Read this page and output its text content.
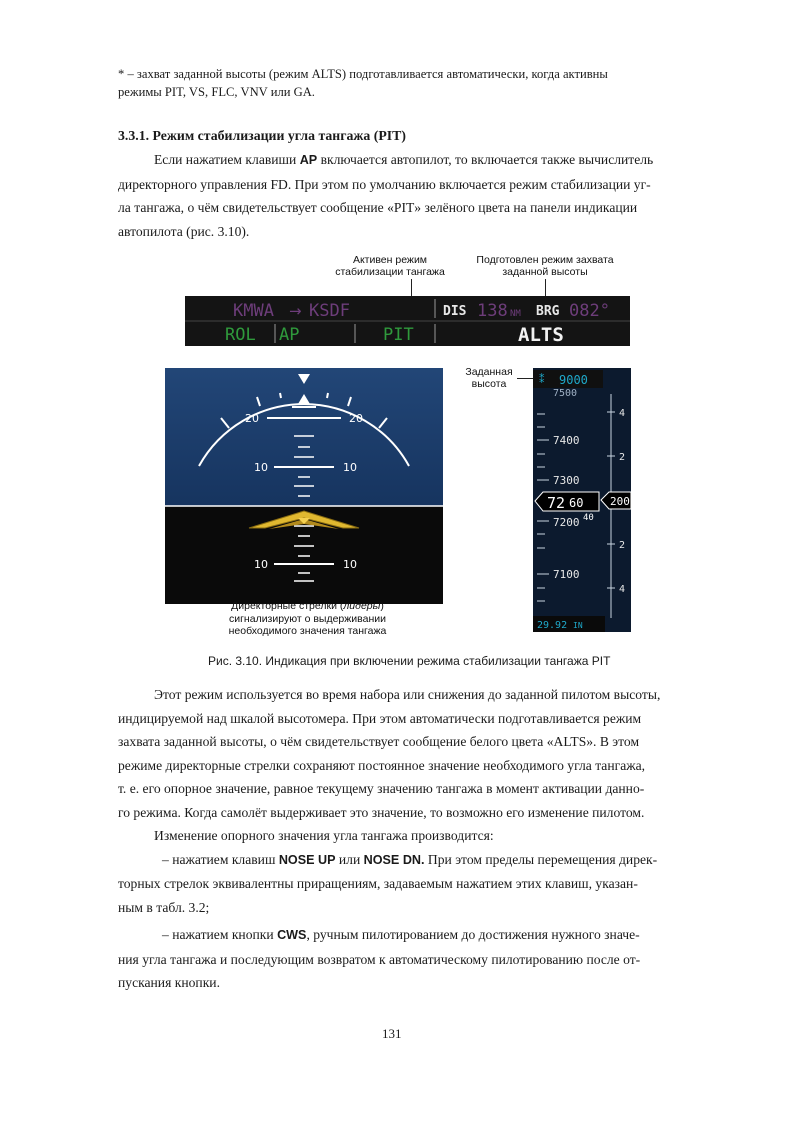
* – захват заданной высоты (режим ALTS) подготавливается автоматически, когда активны
режимы PIT, VS, FLC, VNV или GA.
3.3.1. Режим стабилизации угла тангажа (PIT)
Если нажатием клавиши AP включается автопилот, то включается также вычислитель
директорного управления FD. При этом по умолчанию включается режим стабилизации уг-
ла тангажа, о чём свидетельствует сообщение «PIT» зелёного цвета на панели индикации
автопилота (рис. 3.10).
Активен режим
стабилизации тангажа
Подготовлен режим захвата
заданной высоты
KMWA → KSDF	DIS 138 NM BRG 082°
ROL AP	PIT	ALTS
20	20
10	10
10	10
Директорные стрелки (лидеры)
сигнализируют о выдерживании
необходимого значения тангажа
Заданная
высота	⁑ 9000
7500
7400
7300
7200
7100
72 60
40
4
2
2
4
200
29.92 IN
Рис. 3.10. Индикация при включении режима стабилизации тангажа PIT
Этот режим используется во время набора или снижения до заданной пилотом высоты,
индицируемой над шкалой высотомера. При этом автоматически подготавливается режим
захвата заданной высоты, о чём свидетельствует сообщение белого цвета «ALTS». В этом
режиме директорные стрелки сохраняют постоянное значение необходимого угла тангажа,
т. е. его опорное значение, равное текущему значению тангажа в момент активации данно-
го режима. Когда самолёт выдерживает это значение, то возможно его изменение пилотом.
Изменение опорного значения угла тангажа производится:
– нажатием клавиш NOSE UP или NOSE DN. При этом пределы перемещения дирек-
торных стрелок эквивалентны приращениям, задаваемым нажатием этих клавиш, указан-
ным в табл. 3.2;
– нажатием кнопки CWS, ручным пилотированием до достижения нужного значе-
ния угла тангажа и последующим возвратом к автоматическому пилотированию после от-
пускания кнопки.
131
